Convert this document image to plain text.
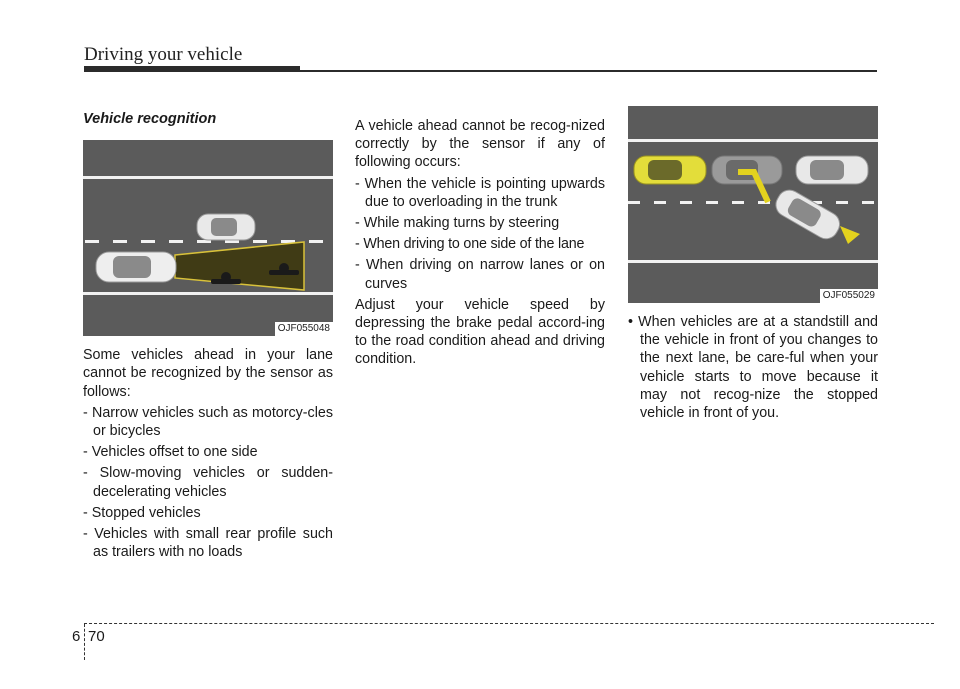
Driving your vehicle
Vehicle recognition
OJF055048

Some vehicles ahead in your lane cannot be recognized by the sensor as follows:

- Narrow vehicles such as motorcy-cles or bicycles
- Vehicles offset to one side
- Slow-moving vehicles or sudden-decelerating vehicles
- Stopped vehicles
- Vehicles with small rear profile such as trailers with no loads

A vehicle ahead cannot be recog-nized correctly by the sensor if any of following occurs:

- When the vehicle is pointing upwards due to overloading in the trunk
- While making turns by steering
- When driving to one side of the lane
- When driving on narrow lanes or on curves

Adjust your vehicle speed by depressing the brake pedal accord-ing to the road condition ahead and driving condition.

OJF055029

• When vehicles are at a standstill and the vehicle in front of you changes to the next lane, be care-ful when your vehicle starts to move because it may not recog-nize the stopped vehicle in front of you.

6 70
